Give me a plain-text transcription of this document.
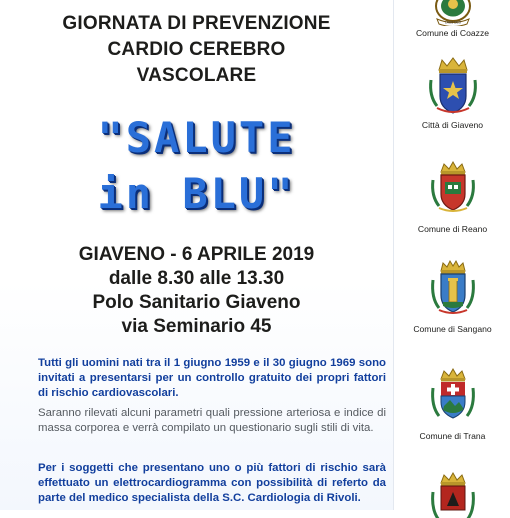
GIORNATA DI PREVENZIONE
CARDIO CEREBRO
VASCOLARE
"SALUTE
in BLU"
GIAVENO - 6 APRILE 2019
dalle 8.30 alle 13.30
Polo Sanitario Giaveno
via Seminario 45
Tutti gli uomini nati tra il 1 giugno 1959 e il 30 giugno 1969 sono invitati a presentarsi per un controllo gratuito dei propri fattori di rischio cardiovascolari.
Saranno rilevati alcuni parametri quali pressione arteriosa e indice di massa corporea e verrà compilato un questionario sugli stili di vita.
Per i soggetti che presentano uno o più fattori di rischio sarà effettuato un elettrocardiogramma con possibilità di referto da parte del medico specialista della S.C. Cardiologia di Rivoli.
LAUS DEO
Comune di Coazze
Città di Giaveno
Comune di Reano
Comune di Sangano
Comune di Trana
